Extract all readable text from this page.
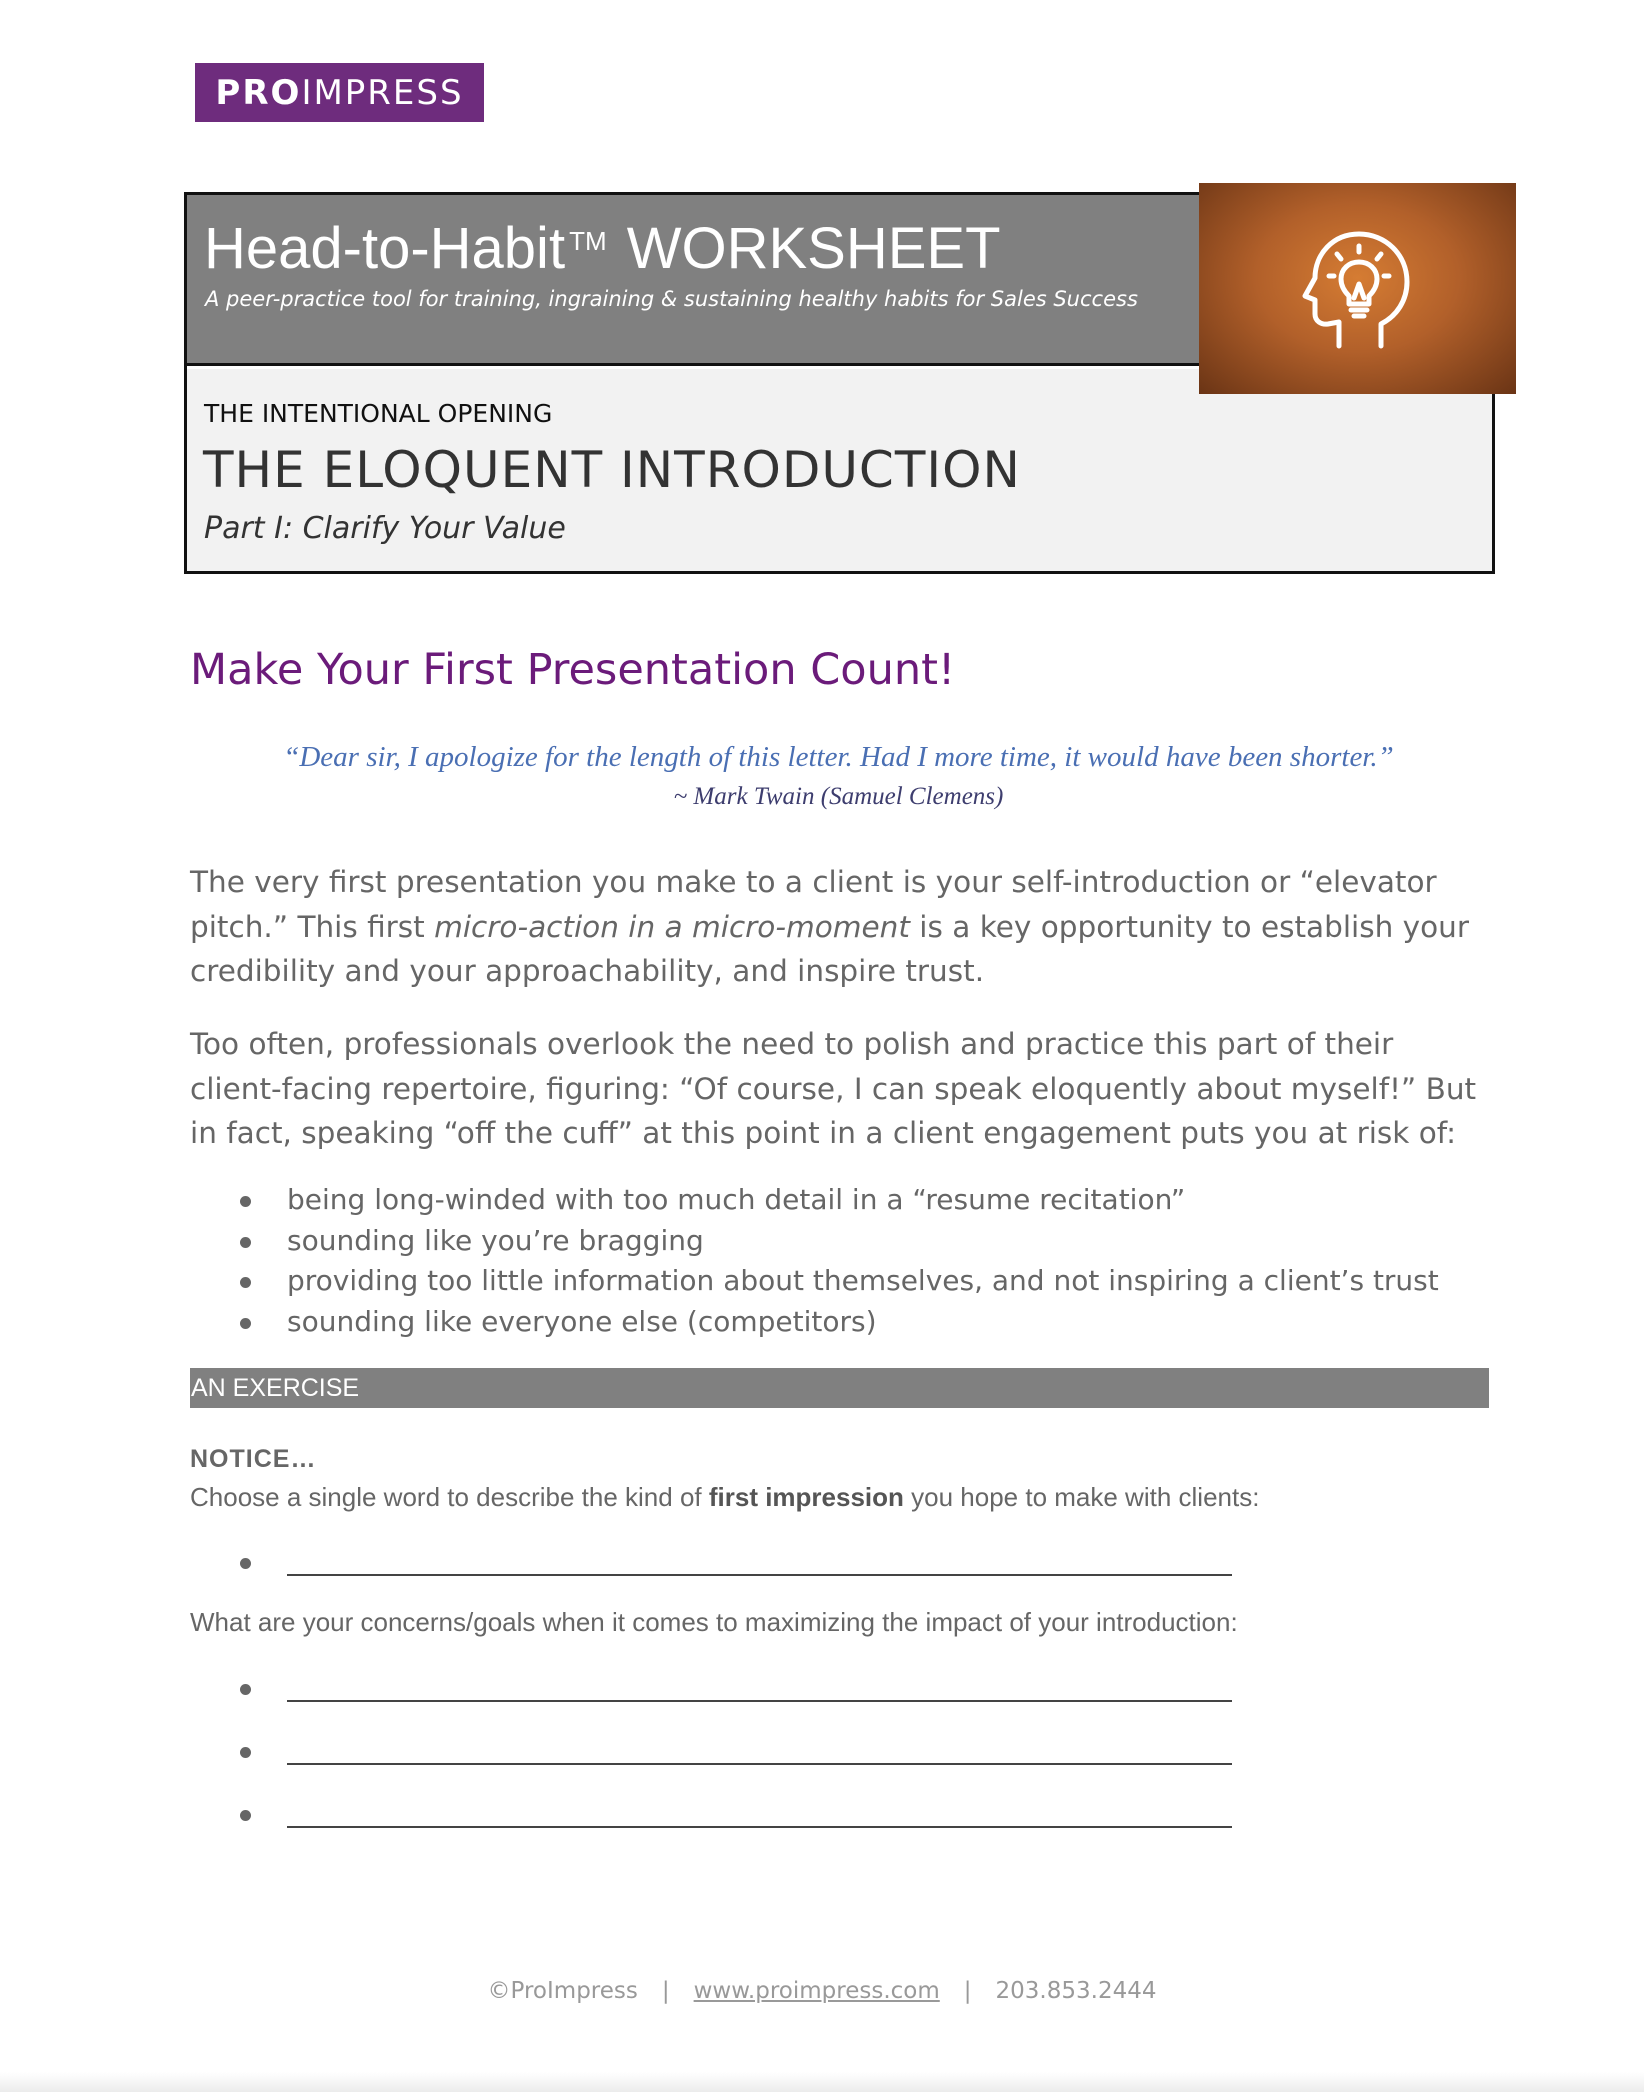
PRO IMPRESS
Head-to-Habit ™ WORKSHEET
A peer-practice tool for training, ingraining & sustaining healthy habits for Sales Success
THE INTENTIONAL OPENING
THE ELOQUENT INTRODUCTION
Part I: Clarify Your Value
Make Your First Presentation Count!
“Dear sir, I apologize for the length of this letter. Had I more time, it would have been shorter.”
~ Mark Twain (Samuel Clemens)

The very first presentation you make to a client is your self-introduction or “elevator pitch.” This first micro-action in a micro-moment is a key opportunity to establish your credibility and your approachability, and inspire trust.

Too often, professionals overlook the need to polish and practice this part of their client-facing repertoire, figuring: “Of course, I can speak eloquently about myself!” But in fact, speaking “off the cuff” at this point in a client engagement puts you at risk of:

being long-winded with too much detail in a “resume recitation”
sounding like you’re bragging
providing too little information about themselves, and not inspiring a client’s trust
sounding like everyone else (competitors)
AN EXERCISE
NOTICE…
Choose a single word to describe the kind of first impression you hope to make with clients:
What are your concerns/goals when it comes to maximizing the impact of your introduction:
©ProImpress | www.proimpress.com | 203.853.2444
